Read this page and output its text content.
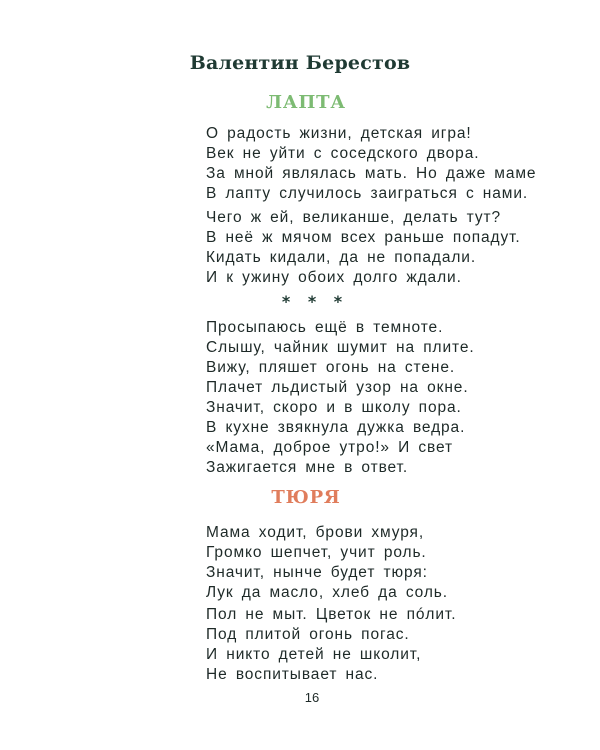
Валентин Берестов
ЛАПТА
О радость жизни, детская игра!
Век не уйти с соседского двора.
За мной являлась мать. Но даже маме
В лапту случилось заиграться с нами.
Чего ж ей, великанше, делать тут?
В неё ж мячом всех раньше попадут.
Кидать кидали, да не попадали.
И к ужину обоих долго ждали.
* * *
Просыпаюсь ещё в темноте.
Слышу, чайник шумит на плите.
Вижу, пляшет огонь на стене.
Плачет льдистый узор на окне.
Значит, скоро и в школу пора.
В кухне звякнула дужка ведра.
«Мама, доброе утро!» И свет
Зажигается мне в ответ.
ТЮРЯ
Мама ходит, брови хмуря,
Громко шепчет, учит роль.
Значит, нынче будет тюря:
Лук да масло, хлеб да соль.
Пол не мыт. Цветок не пóлит.
Под плитой огонь погас.
И никто детей не школит,
Не воспитывает нас.
16
